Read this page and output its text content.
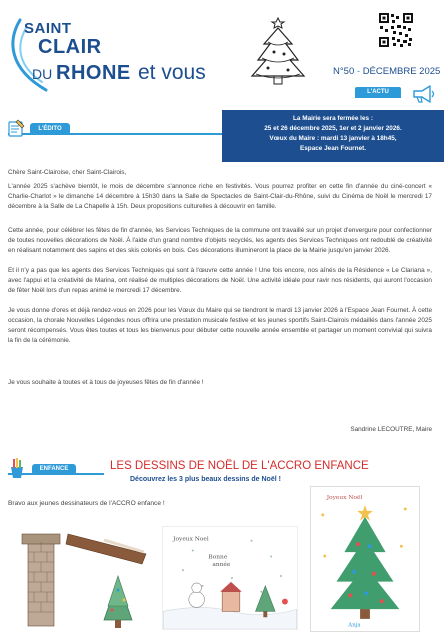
SAINT
CLAIR
DU RHONE et vous	N°50 - DÉCEMBRE 2025
L'ACTU
L'ÉDITO
La Mairie sera fermée les :
25 et 26 décembre 2025, 1er et 2 janvier 2026.
Vœux du Maire : mardi 13 janvier à 18h45,
Espace Jean Fournet.

Chère Saint-Clairoise, cher Saint-Clairois,

L'année 2025 s'achève bientôt, le mois de décembre s'annonce riche en festivités. Vous pourrez profiter en cette fin d'année du ciné-concert « Charlie-Charlot » le dimanche 14 décembre à 15h30 dans la Salle de Spectacles de Saint-Clair-du-Rhône, suivi du Cinéma de Noël le mercredi 17 décembre à la Salle de La Chapelle à 15h. Deux propositions culturelles à découvrir en famille.

Cette année, pour célébrer les fêtes de fin d'année, les Services Techniques de la commune ont travaillé sur un projet d'envergure pour confectionner de toutes nouvelles décorations de Noël. À l'aide d'un grand nombre d'objets recyclés, les agents des Services Techniques ont redoublé de créativité en réalisant notamment des sapins et des skis colorés en bois. Ces décorations illumineront la place de la Mairie jusqu'en janvier 2026.

Et il n'y a pas que les agents des Services Techniques qui sont à l'œuvre cette année ! Une fois encore, nos aînés de la Résidence « Le Clariana », avec l'appui et la créativité de Marina, ont réalisé de multiples décorations de Noël. Une activité idéale pour ravir nos résidents, qui auront l'occasion de fêter Noël lors d'un repas animé le mercredi 17 décembre.

Je vous donne d'ores et déjà rendez-vous en 2026 pour les Vœux du Maire qui se tiendront le mardi 13 janvier 2026 à l'Espace Jean Fournet. À cette occasion, la chorale Nouvelles Légendes nous offrira une prestation musicale festive et les jeunes sportifs Saint-Clairois médaillés dans l'année 2025 seront récompensés. Vous êtes toutes et tous les bienvenus pour débuter cette nouvelle année ensemble et partager un moment convivial qui suivra la fin de la cérémonie.

Je vous souhaite à toutes et à tous de joyeuses fêtes de fin d'année !

Sandrine LECOUTRE, Maire
ENFANCE	LES DESSINS DE NOËL DE L'ACCRO ENFANCE
Découvrez les 3 plus beaux dessins de Noël !
Bravo aux jeunes dessinateurs de l'ACCRO enfance !
Joyeux Noel
Bonne
année
Joyeux Noël
Anja
